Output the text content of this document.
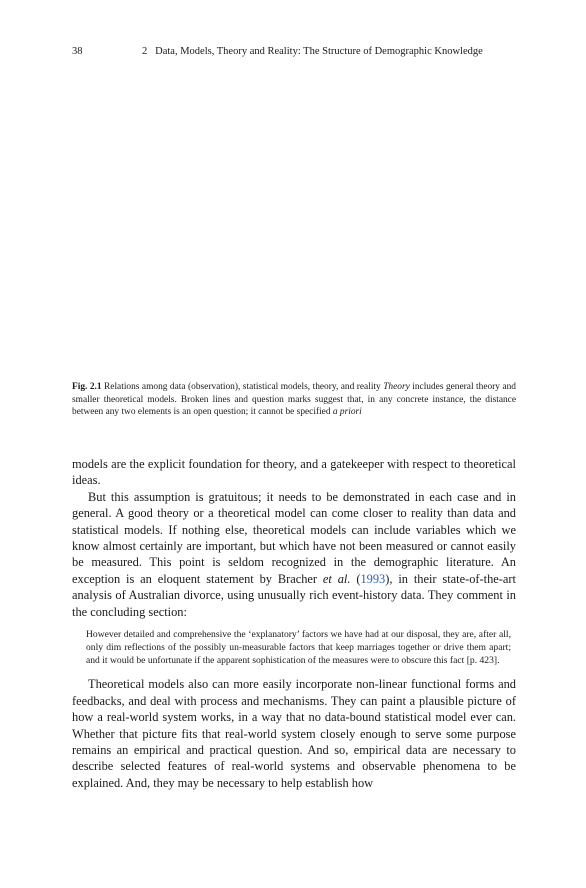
38	2   Data, Models, Theory and Reality: The Structure of Demographic Knowledge
Fig. 2.1 Relations among data (observation), statistical models, theory, and reality Theory includes general theory and smaller theoretical models. Broken lines and question marks suggest that, in any concrete instance, the distance between any two elements is an open question; it cannot be specified a priori

models are the explicit foundation for theory, and a gatekeeper with respect to theoretical ideas.

But this assumption is gratuitous; it needs to be demonstrated in each case and in general. A good theory or a theoretical model can come closer to reality than data and statistical models. If nothing else, theoretical models can include variables which we know almost certainly are important, but which have not been measured or cannot easily be measured. This point is seldom recognized in the demographic literature. An exception is an eloquent statement by Bracher et al. (1993), in their state-of-the-art analysis of Australian divorce, using unusually rich event-history data. They comment in the concluding section:

However detailed and comprehensive the ‘explanatory’ factors we have had at our disposal, they are, after all, only dim reflections of the possibly un-measurable factors that keep marriages together or drive them apart; and it would be unfortunate if the apparent sophistication of the measures were to obscure this fact [p. 423].

Theoretical models also can more easily incorporate non-linear functional forms and feedbacks, and deal with process and mechanisms. They can paint a plausible picture of how a real-world system works, in a way that no data-bound statistical model ever can. Whether that picture fits that real-world system closely enough to serve some purpose remains an empirical and practical question. And so, empirical data are necessary to describe selected features of real-world systems and observable phenomena to be explained. And, they may be necessary to help establish how
